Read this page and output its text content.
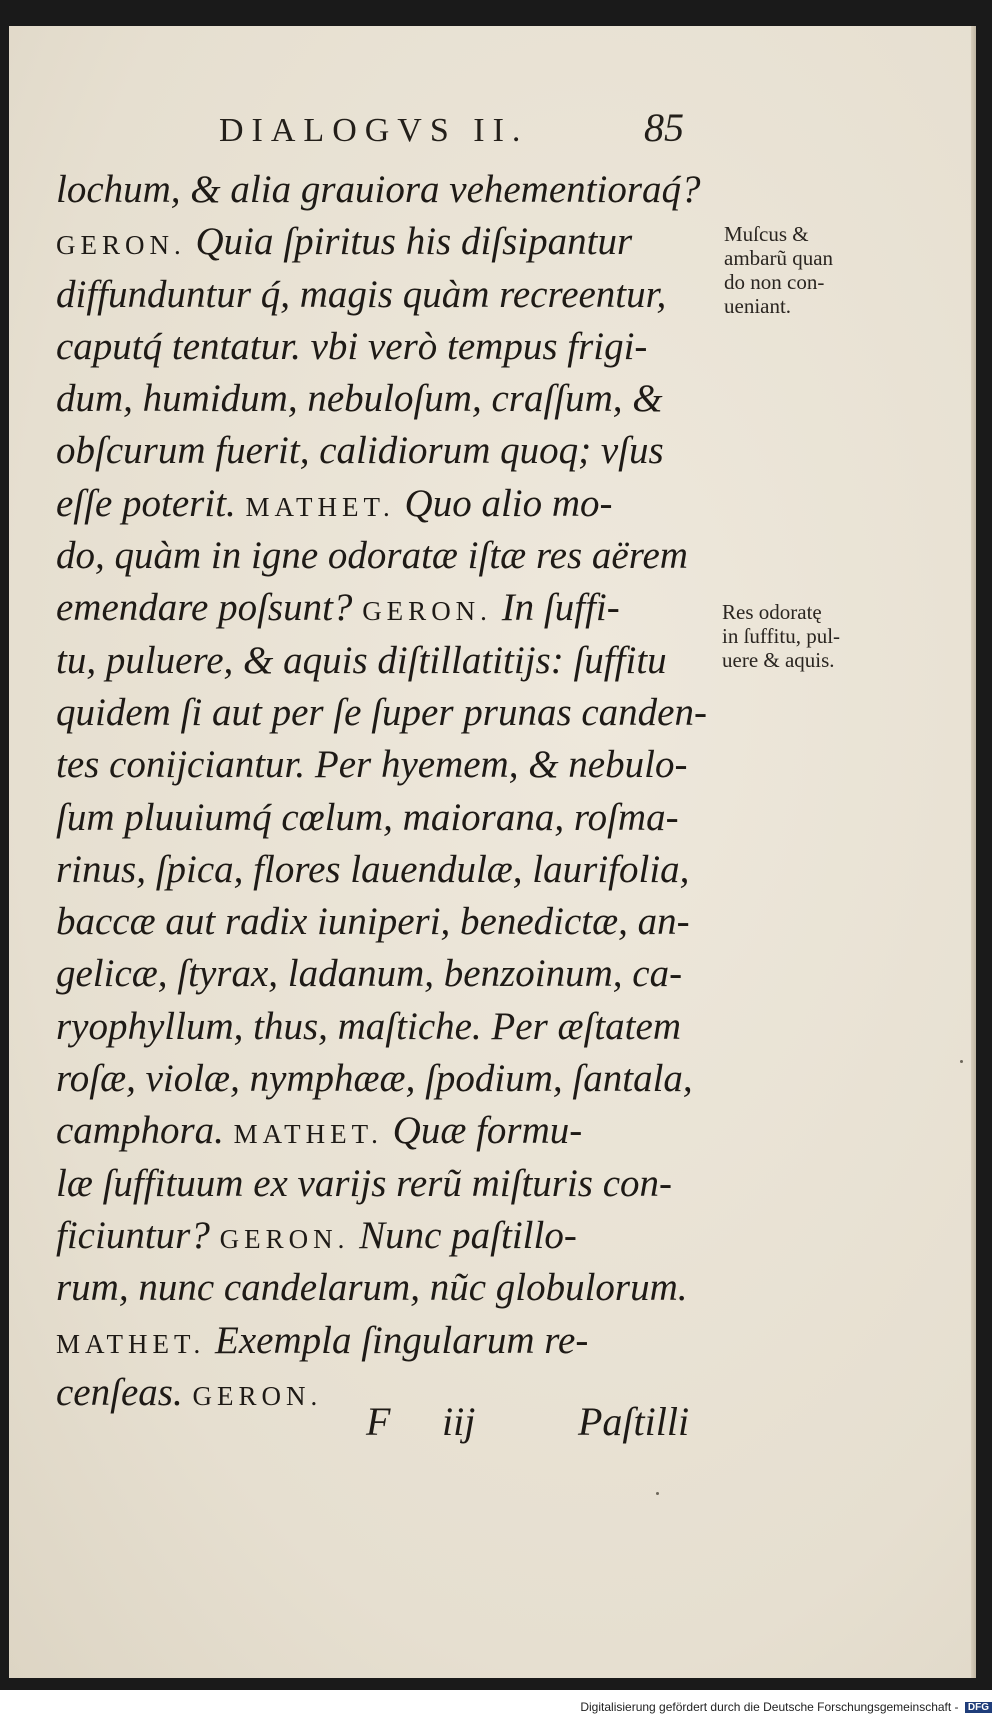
DIALOGVS II.	85
lochum, & alia grauiora vehementioraq́?
GERON. Quia ſpiritus his diſsipantur
diffunduntur q́, magis quàm recreentur,
caputq́ tentatur. vbi verò tempus frigi-
dum, humidum, nebuloſum, craſſum, &
obſcurum fuerit, calidiorum quoq; vſus
eſſe poterit. MATHET. Quo alio mo-
do, quàm in igne odoratæ iſtæ res aërem
emendare poſsunt? GERON. In ſuffi-
tu, puluere, & aquis diſtillatitijs: ſuffitu
quidem ſi aut per ſe ſuper prunas canden-
tes conijciantur. Per hyemem, & nebulo-
ſum pluuiumq́ cœlum, maiorana, roſma-
rinus, ſpica, flores lauendulæ, laurifolia,
baccæ aut radix iuniperi, benedictæ, an-
gelicæ, ſtyrax, ladanum, benzoinum, ca-
ryophyllum, thus, maſtiche. Per æſtatem
roſæ, violæ, nymphææ, ſpodium, ſantala,
camphora. MATHET. Quæ formu-
læ ſuffituum ex varijs rerũ miſturis con-
ficiuntur? GERON. Nunc paſtillo-
rum, nunc candelarum, nũc globulorum.
MATHET. Exempla ſingularum re-
cenſeas. GERON.
F iij	Paſtilli
Muſcus &
ambarũ quan
do non con-
ueniant.
Res odoratę
in ſuffitu, pul-
uere & aquis.
Digitalisierung gefördert durch die Deutsche Forschungsgemeinschaft - DFG
